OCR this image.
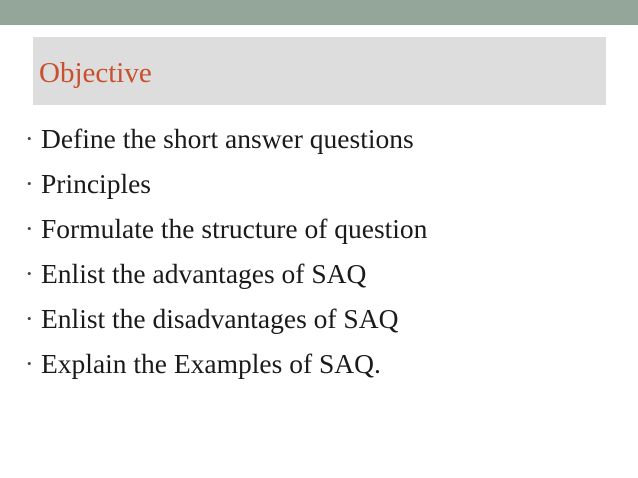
Objective
• Define the short answer questions
• Principles
• Formulate the structure of question
• Enlist the advantages of SAQ
• Enlist the disadvantages of SAQ
• Explain the Examples of SAQ.
